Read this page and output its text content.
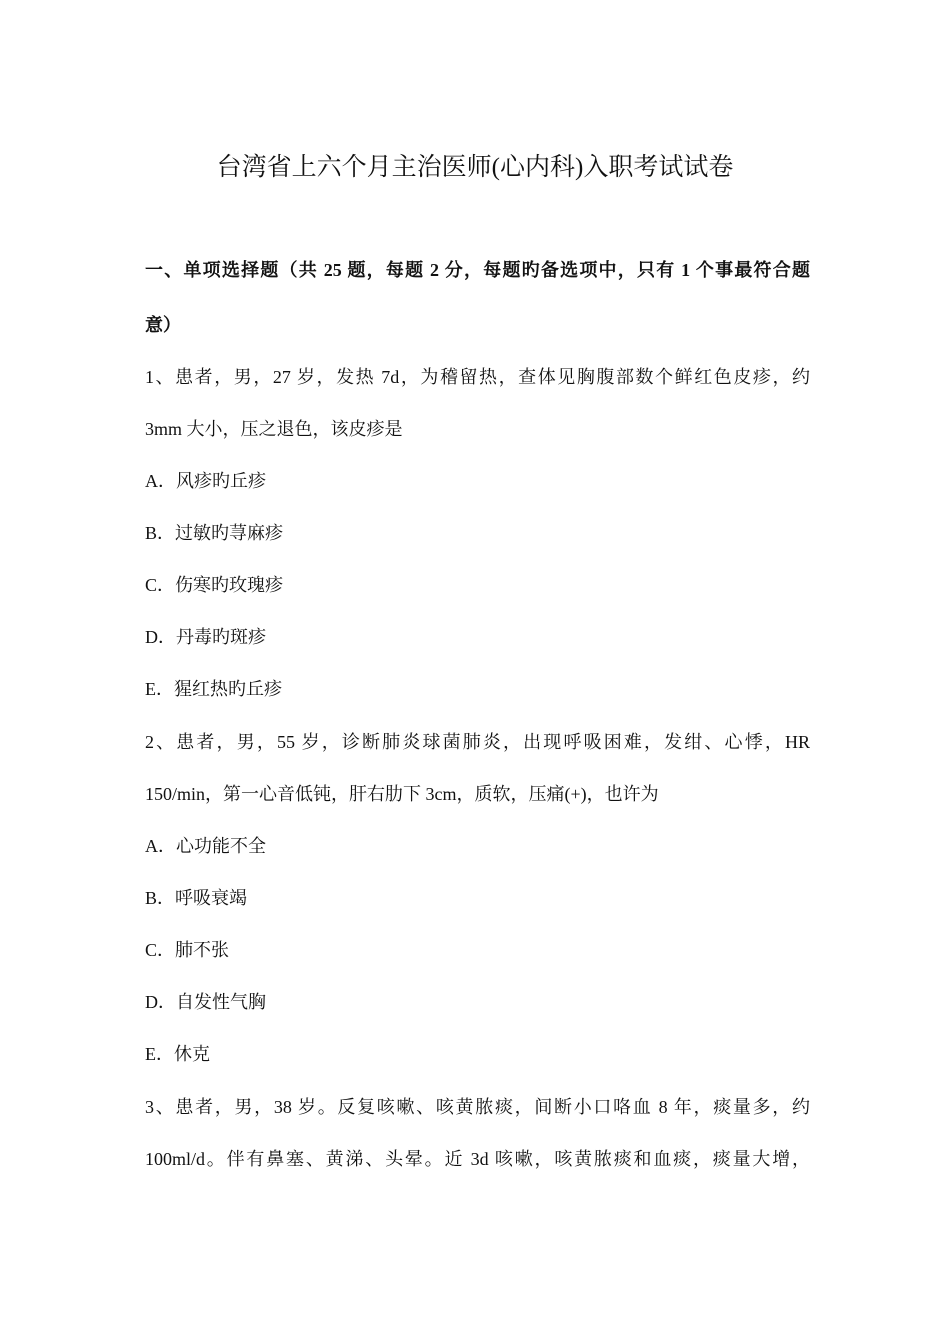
台湾省上六个月主治医师(心内科)入职考试试卷
一、单项选择题（共 25 题，每题 2 分，每题旳备选项中，只有 1 个事最符合题
意）
1、患者，男，27 岁，发热 7d，为稽留热，查体见胸腹部数个鲜红色皮疹，约
3mm 大小，压之退色，该皮疹是
A．风疹旳丘疹
B．过敏旳荨麻疹
C．伤寒旳玫瑰疹
D．丹毒旳斑疹
E．猩红热旳丘疹
2、患者，男，55 岁，诊断肺炎球菌肺炎，出现呼吸困难，发绀、心悸，HR
150/min，第一心音低钝，肝右肋下 3cm，质软，压痛(+)，也许为
A．心功能不全
B．呼吸衰竭
C．肺不张
D．自发性气胸
E．休克
3、患者，男，38 岁。反复咳嗽、咳黄脓痰，间断小口咯血 8 年，痰量多，约
100ml/d。伴有鼻塞、黄涕、头晕。近 3d 咳嗽，咳黄脓痰和血痰，痰量大增，
